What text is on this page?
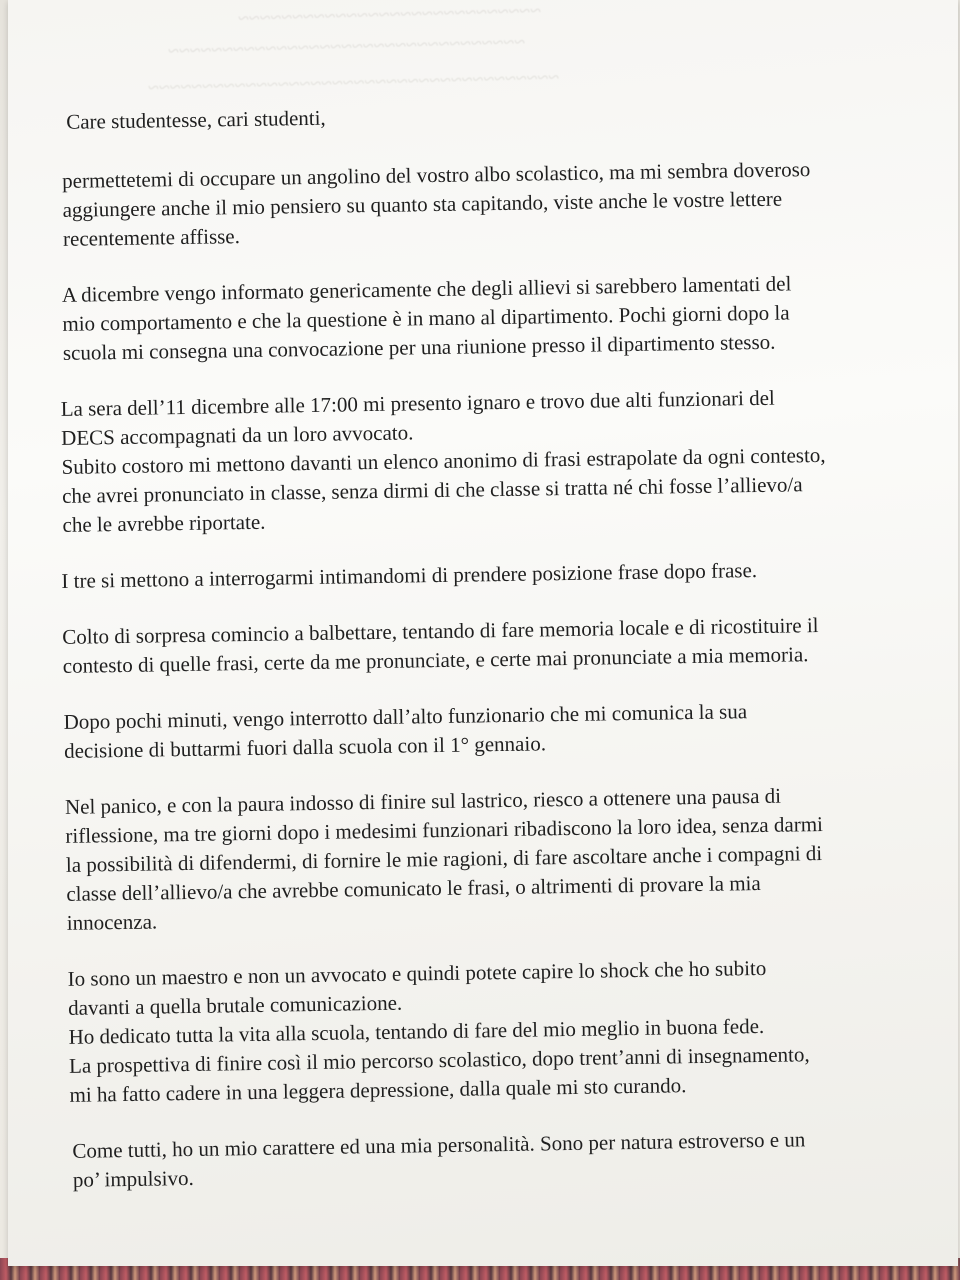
~~~~~~~~~~~~~~~~~~~~~~~~~~~~
~~~~~~~~~~~~~~~~~~~~~~~~~~~~~~~~~
~~~~~~~~~~~~~~~~~~~~~~~~~~~~~~~~~~~~~~
Care studentesse, cari studenti,
permettetemi di occupare un angolino del vostro albo scolastico, ma mi sembra doveroso
aggiungere anche il mio pensiero su quanto sta capitando, viste anche le vostre lettere
recentemente affisse.
A dicembre vengo informato genericamente che degli allievi si sarebbero lamentati del
mio comportamento e che la questione è in mano al dipartimento. Pochi giorni dopo la
scuola mi consegna una convocazione per una riunione presso il dipartimento stesso.
La sera dell’11 dicembre alle 17:00 mi presento ignaro e trovo due alti funzionari del
DECS accompagnati da un loro avvocato.
Subito costoro mi mettono davanti un elenco anonimo di frasi estrapolate da ogni contesto,
che avrei pronunciato in classe, senza dirmi di che classe si tratta né chi fosse l’allievo/a
che le avrebbe riportate.
I tre si mettono a interrogarmi intimandomi di prendere posizione frase dopo frase.
Colto di sorpresa comincio a balbettare, tentando di fare memoria locale e di ricostituire il
contesto di quelle frasi, certe da me pronunciate, e certe mai pronunciate a mia memoria.
Dopo pochi minuti, vengo interrotto dall’alto funzionario che mi comunica la sua
decisione di buttarmi fuori dalla scuola con il 1° gennaio.
Nel panico, e con la paura indosso di finire sul lastrico, riesco a ottenere una pausa di
riflessione, ma tre giorni dopo i medesimi funzionari ribadiscono la loro idea, senza darmi
la possibilità di difendermi, di fornire le mie ragioni, di fare ascoltare anche i compagni di
classe dell’allievo/a che avrebbe comunicato le frasi, o altrimenti di provare la mia
innocenza.
Io sono un maestro e non un avvocato e quindi potete capire lo shock che ho subito
davanti a quella brutale comunicazione.
Ho dedicato tutta la vita alla scuola, tentando di fare del mio meglio in buona fede.
La prospettiva di finire così il mio percorso scolastico, dopo trent’anni di insegnamento,
mi ha fatto cadere in una leggera depressione, dalla quale mi sto curando.
Come tutti, ho un mio carattere ed una mia personalità. Sono per natura estroverso e un
po’ impulsivo.
